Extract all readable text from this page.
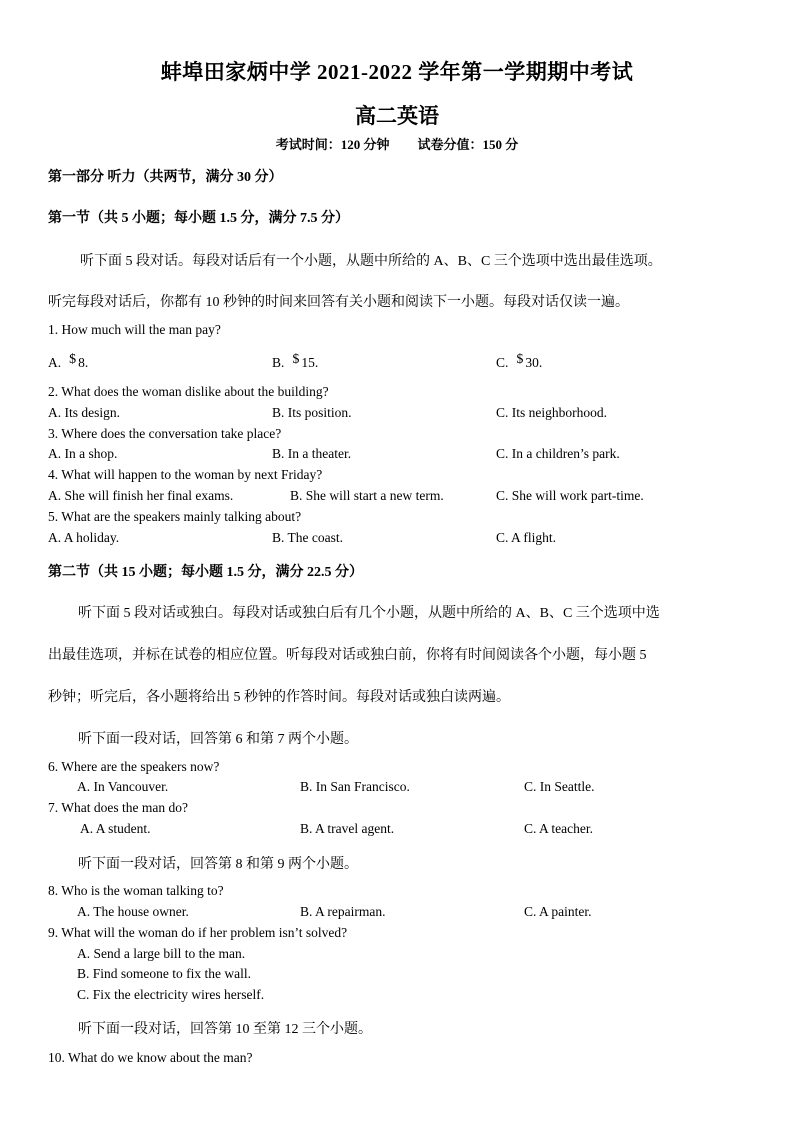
蚌埠田家炳中学 2021-2022 学年第一学期期中考试
高二英语
考试时间：120 分钟 试卷分值：150 分
第一部分 听力（共两节，满分 30 分）
第一节（共 5 小题；每小题 1.5 分，满分 7.5 分）
听下面 5 段对话。每段对话后有一个小题，从题中所给的 A、B、C 三个选项中选出最佳选项。
听完每段对话后，你都有 10 秒钟的时间来回答有关小题和阅读下一小题。每段对话仅读一遍。
1. How much will the man pay?
A. $ 8.	B. $ 15.	C. $ 30.
2. What does the woman dislike about the building?
A. Its design.	B. Its position.	C. Its neighborhood.
3. Where does the conversation take place?
A. In a shop.	B. In a theater.	C. In a children’s park.
4. What will happen to the woman by next Friday?
A. She will finish her final exams.	B. She will start a new term.	C. She will work part-time.
5. What are the speakers mainly talking about?
A. A holiday.	B. The coast.	C. A flight.
第二节（共 15 小题；每小题 1.5 分，满分 22.5 分）
听下面 5 段对话或独白。每段对话或独白后有几个小题，从题中所给的 A、B、C 三个选项中选
出最佳选项，并标在试卷的相应位置。听每段对话或独白前，你将有时间阅读各个小题，每小题 5
秒钟；听完后，各小题将给出 5 秒钟的作答时间。每段对话或独白读两遍。
听下面一段对话，回答第 6 和第 7 两个小题。
6. Where are the speakers now?
A. In Vancouver.	B. In San Francisco.	C. In Seattle.
7. What does the man do?
A. A student.	B. A travel agent.	C. A teacher.
听下面一段对话，回答第 8 和第 9 两个小题。
8. Who is the woman talking to?
A. The house owner.	B. A repairman.	C. A painter.
9. What will the woman do if her problem isn’t solved?
A. Send a large bill to the man.
B. Find someone to fix the wall.
C. Fix the electricity wires herself.
听下面一段对话，回答第 10 至第 12 三个小题。
10. What do we know about the man?
